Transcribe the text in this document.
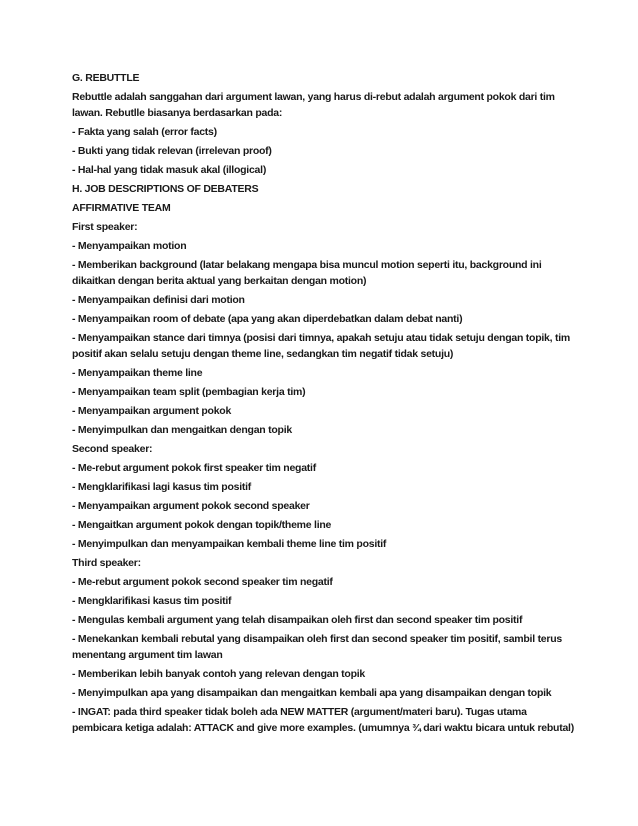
G. REBUTTLE
Rebuttle adalah sanggahan dari argument lawan, yang harus di-rebut adalah argument pokok dari tim lawan. Rebutlle biasanya berdasarkan pada:
- Fakta yang salah (error facts)
- Bukti yang tidak relevan (irrelevan proof)
- Hal-hal yang tidak masuk akal (illogical)
H. JOB DESCRIPTIONS OF DEBATERS
AFFIRMATIVE TEAM
First speaker:
- Menyampaikan motion
- Memberikan background (latar belakang mengapa bisa muncul motion seperti itu, background ini dikaitkan dengan berita aktual yang berkaitan dengan motion)
- Menyampaikan definisi dari motion
- Menyampaikan room of debate (apa yang akan diperdebatkan dalam debat nanti)
- Menyampaikan stance dari timnya (posisi dari timnya, apakah setuju atau tidak setuju dengan topik, tim positif akan selalu setuju dengan theme line, sedangkan tim negatif tidak setuju)
- Menyampaikan theme line
- Menyampaikan team split (pembagian kerja tim)
- Menyampaikan argument pokok
- Menyimpulkan dan mengaitkan dengan topik
Second speaker:
- Me-rebut argument pokok first speaker tim negatif
- Mengklarifikasi lagi kasus tim positif
- Menyampaikan argument pokok second speaker
- Mengaitkan argument pokok dengan topik/theme line
- Menyimpulkan dan menyampaikan kembali theme line tim positif
Third speaker:
- Me-rebut argument pokok second speaker tim negatif
- Mengklarifikasi kasus tim positif
- Mengulas kembali argument yang telah disampaikan oleh first dan second speaker tim positif
- Menekankan kembali rebutal yang disampaikan oleh first dan second speaker tim positif, sambil terus menentang argument tim lawan
- Memberikan lebih banyak contoh yang relevan dengan topik
- Menyimpulkan apa yang disampaikan dan mengaitkan kembali apa yang disampaikan dengan topik
- INGAT: pada third speaker tidak boleh ada NEW MATTER (argument/materi baru). Tugas utama pembicara ketiga adalah: ATTACK and give more examples. (umumnya ¾ dari waktu bicara untuk rebutal)
